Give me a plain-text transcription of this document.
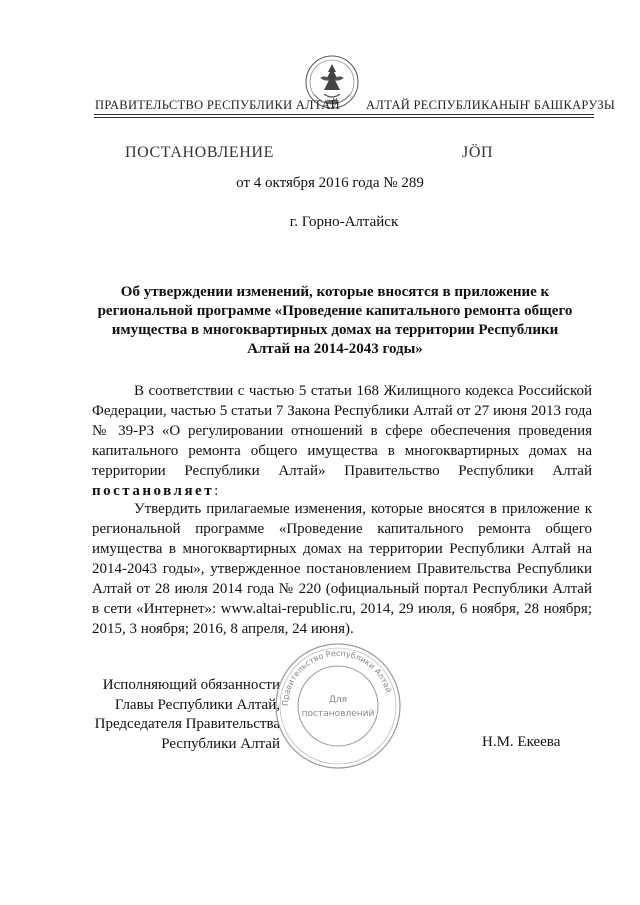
ПРАВИТЕЛЬСТВО РЕСПУБЛИКИ АЛТАЙ АЛТАЙ РЕСПУБЛИКАНЫҤ БАШКАРУЗЫ
ПОСТАНОВЛЕНИЕ	JӦП
от 4 октября 2016 года № 289
г. Горно-Алтайск
Об утверждении изменений, которые вносятся в приложение к региональной программе «Проведение капитального ремонта общего имущества в многоквартирных домах на территории Республики Алтай на 2014-2043 годы»
В соответствии с частью 5 статьи 168 Жилищного кодекса Российской Федерации, частью 5 статьи 7 Закона Республики Алтай от 27 июня 2013 года № 39-РЗ «О регулировании отношений в сфере обеспечения проведения капитального ремонта общего имущества в многоквартирных домах на территории Республики Алтай» Правительство Республики Алтай постановляет:
Утвердить прилагаемые изменения, которые вносятся в приложение к региональной программе «Проведение капитального ремонта общего имущества в многоквартирных домах на территории Республики Алтай на 2014-2043 годы», утвержденное постановлением Правительства Республики Алтай от 28 июля 2014 года № 220 (официальный портал Республики Алтай в сети «Интернет»: www.altai-republic.ru, 2014, 29 июля, 6 ноября, 28 ноября; 2015, 3 ноября; 2016, 8 апреля, 24 июня).
Исполняющий обязанности
Главы Республики Алтай,
Председателя Правительства
Республики Алтай
Правительство Республики Алтай
Для
постановлений
Н.М. Екеева
